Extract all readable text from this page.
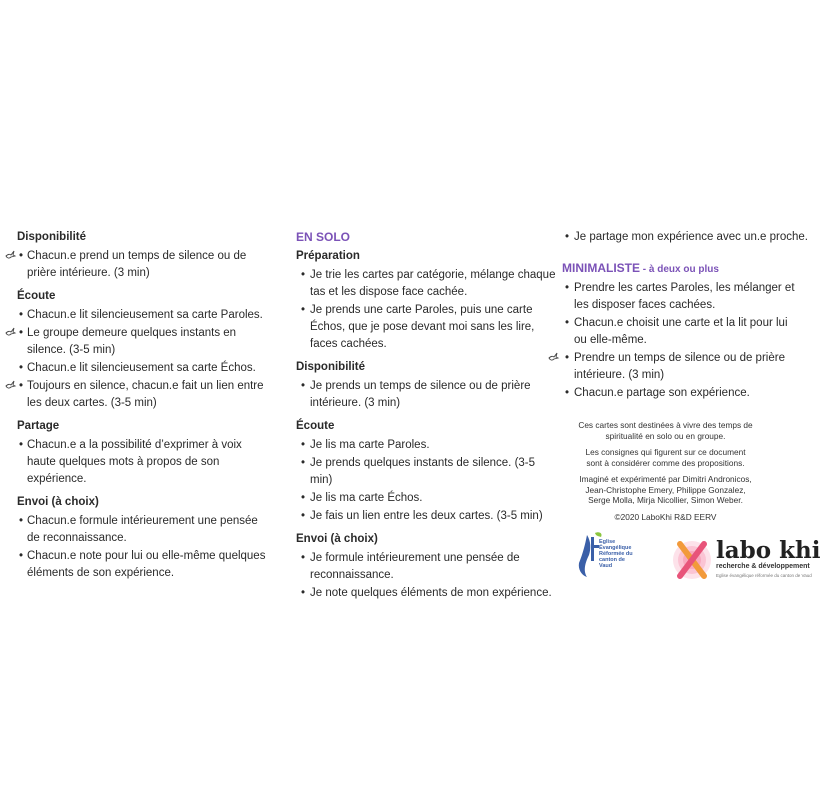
Disponibilité
• Chacun.e prend un temps de silence ou de prière intérieure. (3 min)
Écoute
• Chacun.e lit silencieusement sa carte Paroles.
• Le groupe demeure quelques instants en silence. (3-5 min)
• Chacun.e lit silencieusement sa carte Échos.
• Toujours en silence, chacun.e fait un lien entre les deux cartes. (3-5 min)
Partage
• Chacun.e a la possibilité d’exprimer à voix haute quelques mots à propos de son expérience.
Envoi (à choix)
• Chacun.e formule intérieurement une pensée de reconnaissance.
• Chacun.e note pour lui ou elle-même quelques éléments de son expérience.
EN SOLO
Préparation
• Je trie les cartes par catégorie, mélange chaque tas et les dispose face cachée.
• Je prends une carte Paroles, puis une carte Échos, que je pose devant moi sans les lire, faces cachées.
Disponibilité
• Je prends un temps de silence ou de prière intérieure. (3 min)
Écoute
• Je lis ma carte Paroles.
• Je prends quelques instants de silence. (3-5 min)
• Je lis ma carte Échos.
• Je fais un lien entre les deux cartes. (3-5 min)
Envoi (à choix)
• Je formule intérieurement une pensée de reconnaissance.
• Je note quelques éléments de mon expérience.
• Je partage mon expérience avec un.e proche.
MINIMALISTE - à deux ou plus
• Prendre les cartes Paroles, les mélanger et les disposer faces cachées.
• Chacun.e choisit une carte et la lit pour lui ou elle-même.
• Prendre un temps de silence ou de prière intérieure. (3 min)
• Chacun.e partage son expérience.

Ces cartes sont destinées à vivre des temps de spiritualité en solo ou en groupe.

Les consignes qui figurent sur ce document sont à considérer comme des propositions.

Imaginé et expérimenté par Dimitri Andronicos, Jean-Christophe Emery, Philippe Gonzalez, Serge Molla, Mirja Nicollier, Simon Weber.

©2020 LaboKhi R&D EERV

Eglise Évangélique Réformée du canton de Vaud
labo khi
recherche & développement
Eglise évangélique réformée du canton de Vaud
